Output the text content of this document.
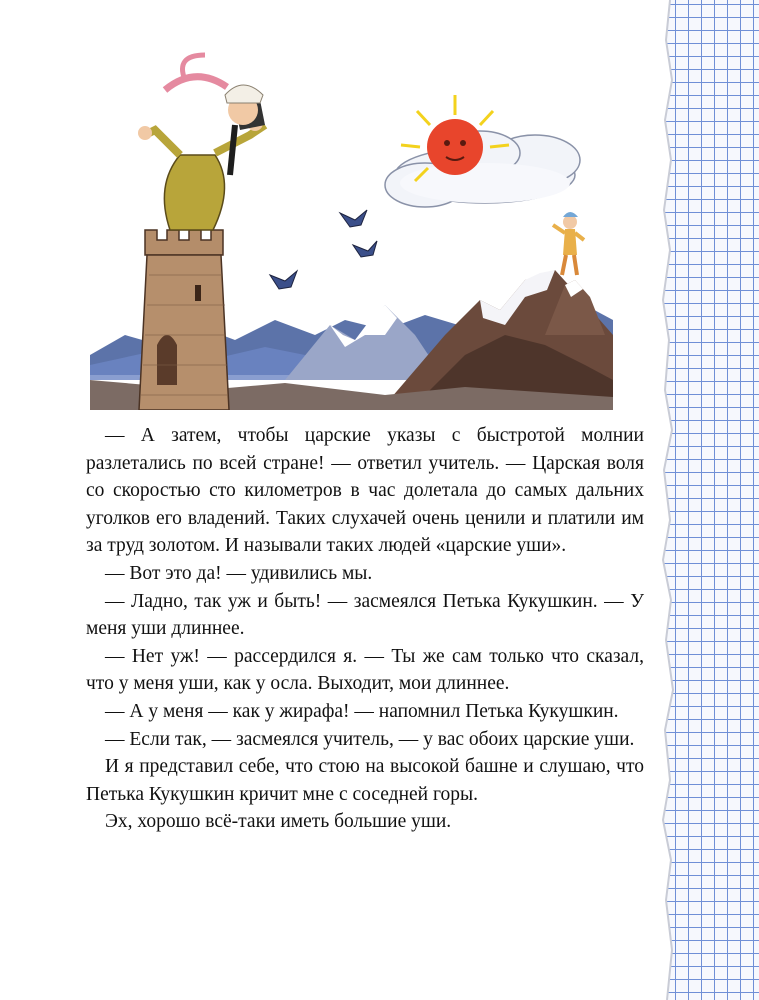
— А затем, чтобы царские указы с быстротой молнии разлетались по всей стране! — ответил учитель. — Царская воля со скоростью сто километров в час долетала до самых дальних уголков его владений. Таких слухачей очень ценили и платили им за труд золотом. И называли таких людей «царские уши».

— Вот это да! — удивились мы.

— Ладно, так уж и быть! — засмеялся Петька Кукушкин. — У меня уши длиннее.

— Нет уж! — рассердился я. — Ты же сам только что сказал, что у меня уши, как у осла. Выходит, мои длиннее.

— А у меня — как у жирафа! — напомнил Петька Кукушкин.

— Если так, — засмеялся учитель, — у вас обоих царские уши.

И я представил себе, что стою на высокой башне и слушаю, что Петька Кукушкин кричит мне с соседней горы.

Эх, хорошо всё-таки иметь большие уши.
